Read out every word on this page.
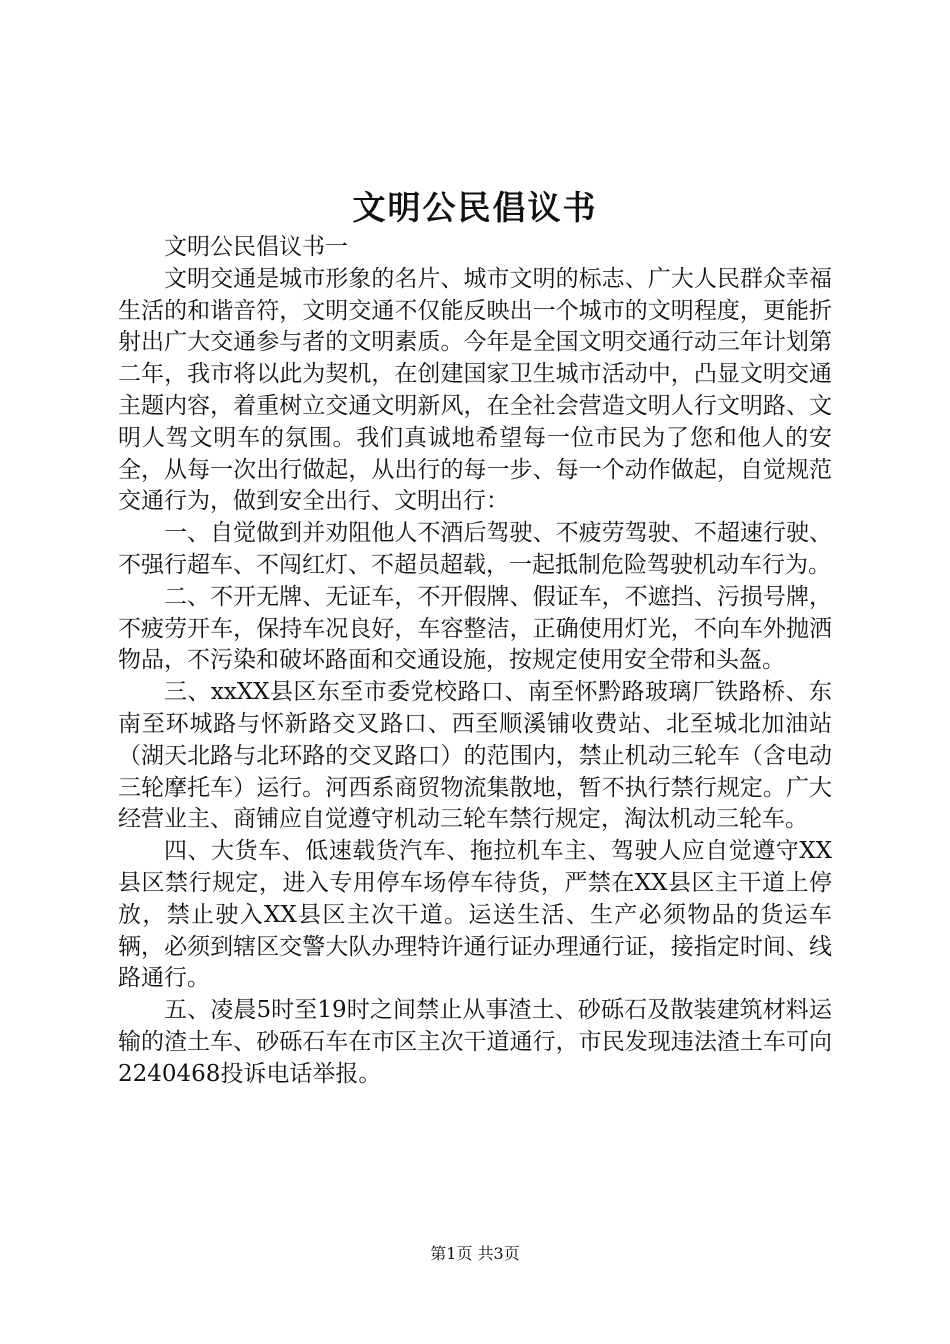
文明公民倡议书

文明公民倡议书一

文明交通是城市形象的名片、城市文明的标志、广大人民群众幸福生活的和谐音符，文明交通不仅能反映出一个城市的文明程度，更能折射出广大交通参与者的文明素质。今年是全国文明交通行动三年计划第二年，我市将以此为契机，在创建国家卫生城市活动中，凸显文明交通主题内容，着重树立交通文明新风，在全社会营造文明人行文明路、文明人驾文明车的氛围。我们真诚地希望每一位市民为了您和他人的安全，从每一次出行做起，从出行的每一步、每一个动作做起，自觉规范交通行为，做到安全出行、文明出行：

一、自觉做到并劝阻他人不酒后驾驶、不疲劳驾驶、不超速行驶、不强行超车、不闯红灯、不超员超载，一起抵制危险驾驶机动车行为。

二、不开无牌、无证车，不开假牌、假证车，不遮挡、污损号牌，不疲劳开车，保持车况良好，车容整洁，正确使用灯光，不向车外抛洒物品，不污染和破坏路面和交通设施，按规定使用安全带和头盔。

三、xxXX县区东至市委党校路口、南至怀黔路玻璃厂铁路桥、东南至环城路与怀新路交叉路口、西至顺溪铺收费站、北至城北加油站（湖天北路与北环路的交叉路口）的范围内，禁止机动三轮车（含电动三轮摩托车）运行。河西系商贸物流集散地，暂不执行禁行规定。广大经营业主、商铺应自觉遵守机动三轮车禁行规定，淘汰机动三轮车。

四、大货车、低速载货汽车、拖拉机车主、驾驶人应自觉遵守XX县区禁行规定，进入专用停车场停车待货，严禁在XX县区主干道上停放，禁止驶入XX县区主次干道。运送生活、生产必须物品的货运车辆，必须到辖区交警大队办理特许通行证办理通行证，接指定时间、线路通行。

五、凌晨5时至19时之间禁止从事渣土、砂砾石及散装建筑材料运输的渣土车、砂砾石车在市区主次干道通行，市民发现违法渣土车可向2240468投诉电话举报。

第1页 共3页
